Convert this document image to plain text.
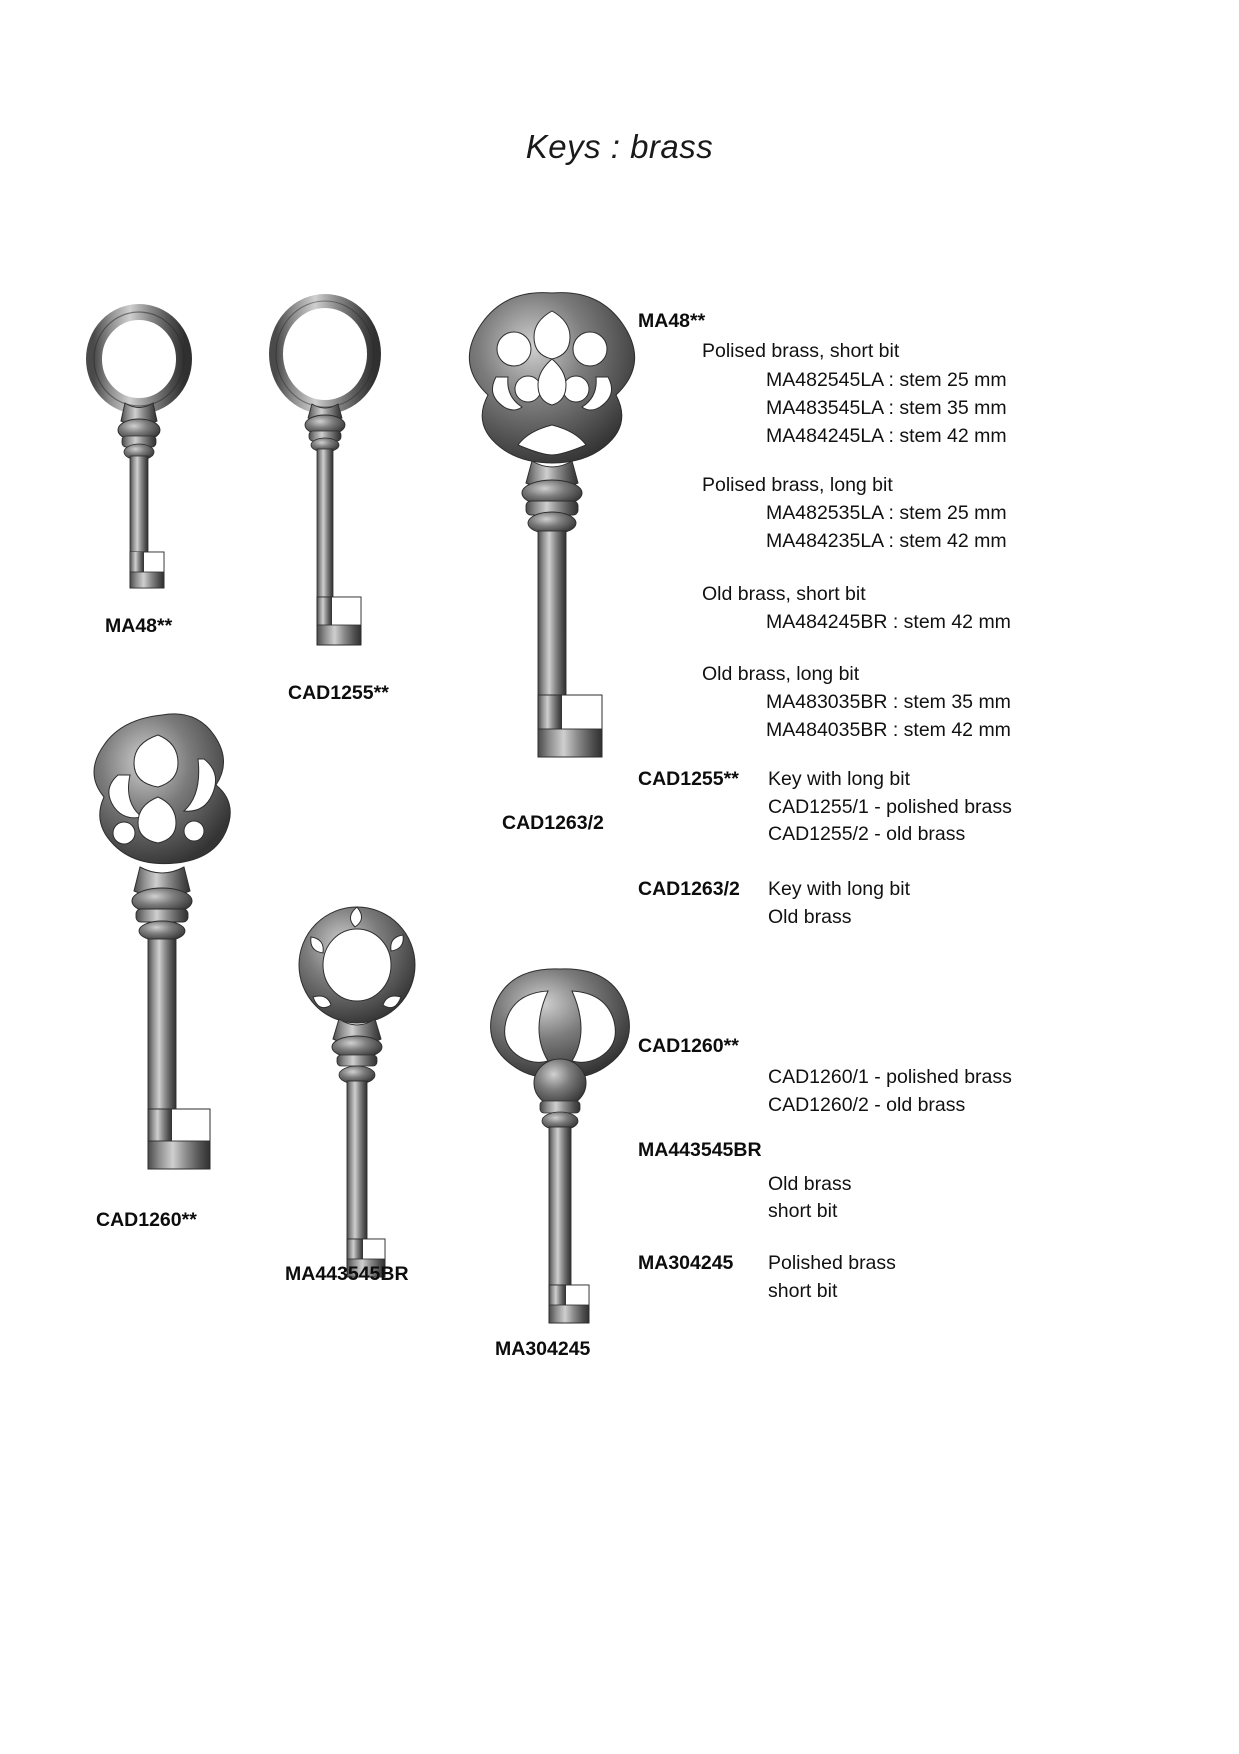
Keys : brass
MA48**
CAD1255**
CAD1263/2
CAD1260**
MA443545BR
MA304245
MA48**
Polised brass, short bit
MA482545LA : stem 25 mm
MA483545LA : stem 35 mm
MA484245LA : stem 42 mm
Polised brass, long bit
MA482535LA : stem 25 mm
MA484235LA : stem 42 mm
Old brass, short bit
MA484245BR : stem 42 mm
Old brass, long bit
MA483035BR : stem 35 mm
MA484035BR : stem 42 mm
CAD1255** Key with long bit
CAD1255/1 - polished brass
CAD1255/2 - old brass
CAD1263/2 Key with long bit
Old brass
CAD1260**
CAD1260/1 - polished brass
CAD1260/2 - old brass
MA443545BR
Old brass
short bit
MA304245 Polished brass
short bit
